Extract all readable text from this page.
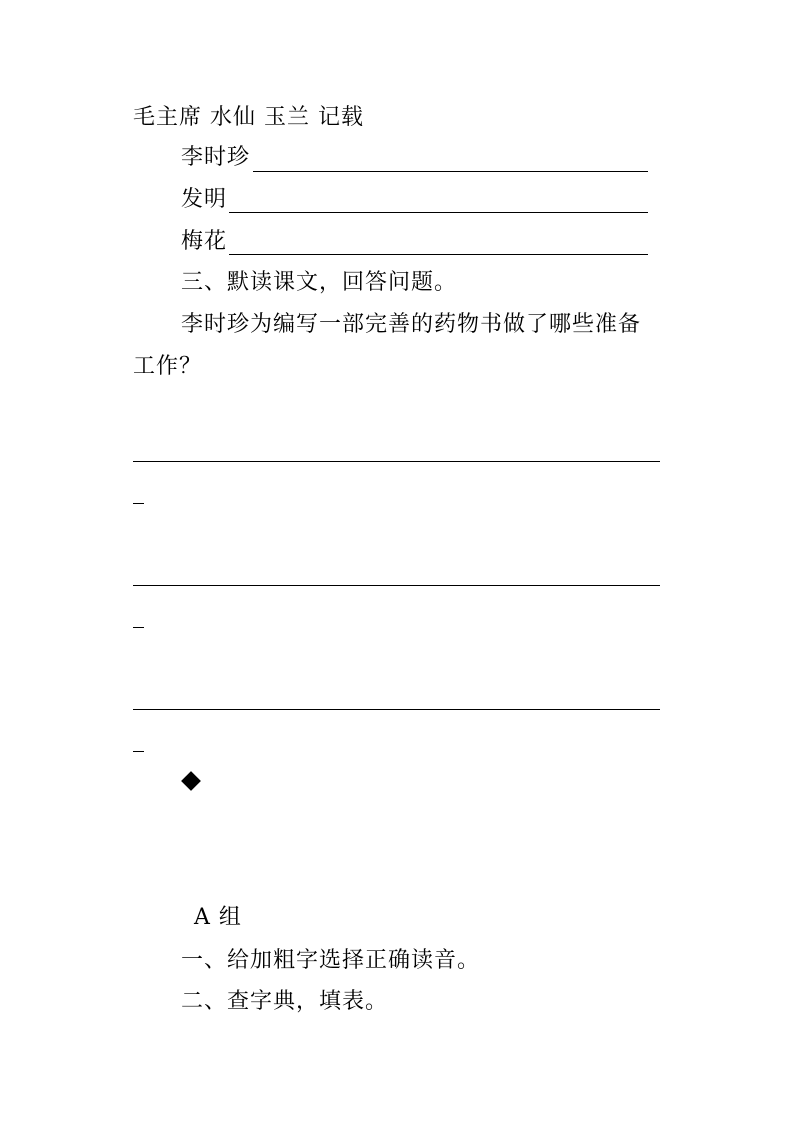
毛主席 水仙 玉兰 记载
李时珍
发明
梅花
三、默读课文，回答问题。
李时珍为编写一部完善的药物书做了哪些准备
工作？
A 组
一、给加粗字选择正确读音。
二、查字典，填表。
